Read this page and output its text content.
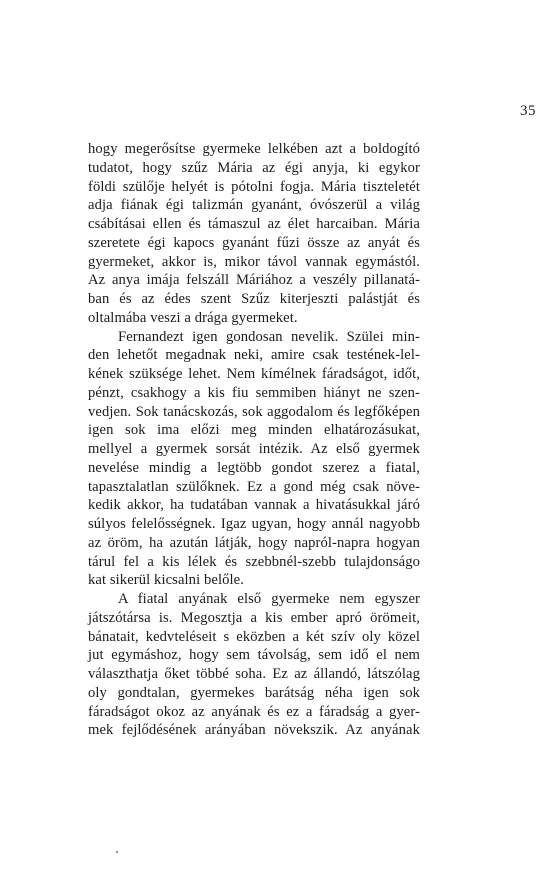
35
hogy megerősítse gyermeke lelkében azt a boldogító
tudatot, hogy szűz Mária az égi anyja, ki egykor
földi szülője helyét is pótolni fogja. Mária tiszteletét
adja fiának égi talizmán gyanánt, óvószerül a világ
csábításai ellen és támaszul az élet harcaiban. Mária
szeretete égi kapocs gyanánt fűzi össze az anyát és
gyermeket, akkor is, mikor távol vannak egymástól.
Az anya imája felszáll Máriához a veszély pillanatá-
ban és az édes szent Szűz kiterjeszti palástját és
oltalmába veszi a drága gyermeket.
Fernandezt igen gondosan nevelik. Szülei min-
den lehetőt megadnak neki, amire csak testének-lel-
kének szüksége lehet. Nem kímélnek fáradságot, időt,
pénzt, csakhogy a kis fiu semmiben hiányt ne szen-
vedjen. Sok tanácskozás, sok aggodalom és legfőképen
igen sok ima előzi meg minden elhatározásukat,
mellyel a gyermek sorsát intézik. Az első gyermek
nevelése mindig a legtöbb gondot szerez a fiatal,
tapasztalatlan szülőknek. Ez a gond még csak növe-
kedik akkor, ha tudatában vannak a hivatásukkal járó
súlyos felelősségnek. Igaz ugyan, hogy annál nagyobb
az öröm, ha azután látják, hogy napról-napra hogyan
tárul fel a kis lélek és szebbnél-szebb tulajdonságo
kat sikerül kicsalni belőle.
A fiatal anyának első gyermeke nem egyszer
játszótársa is. Megosztja a kis ember apró örömeit,
bánatait, kedvteléseit s eközben a két szív oly közel
jut egymáshoz, hogy sem távolság, sem idő el nem
választhatja őket többé soha. Ez az állandó, látszólag
oly gondtalan, gyermekes barátság néha igen sok
fáradságot okoz az anyának és ez a fáradság a gyer-
mek fejlődésének arányában növekszik. Az anyának
